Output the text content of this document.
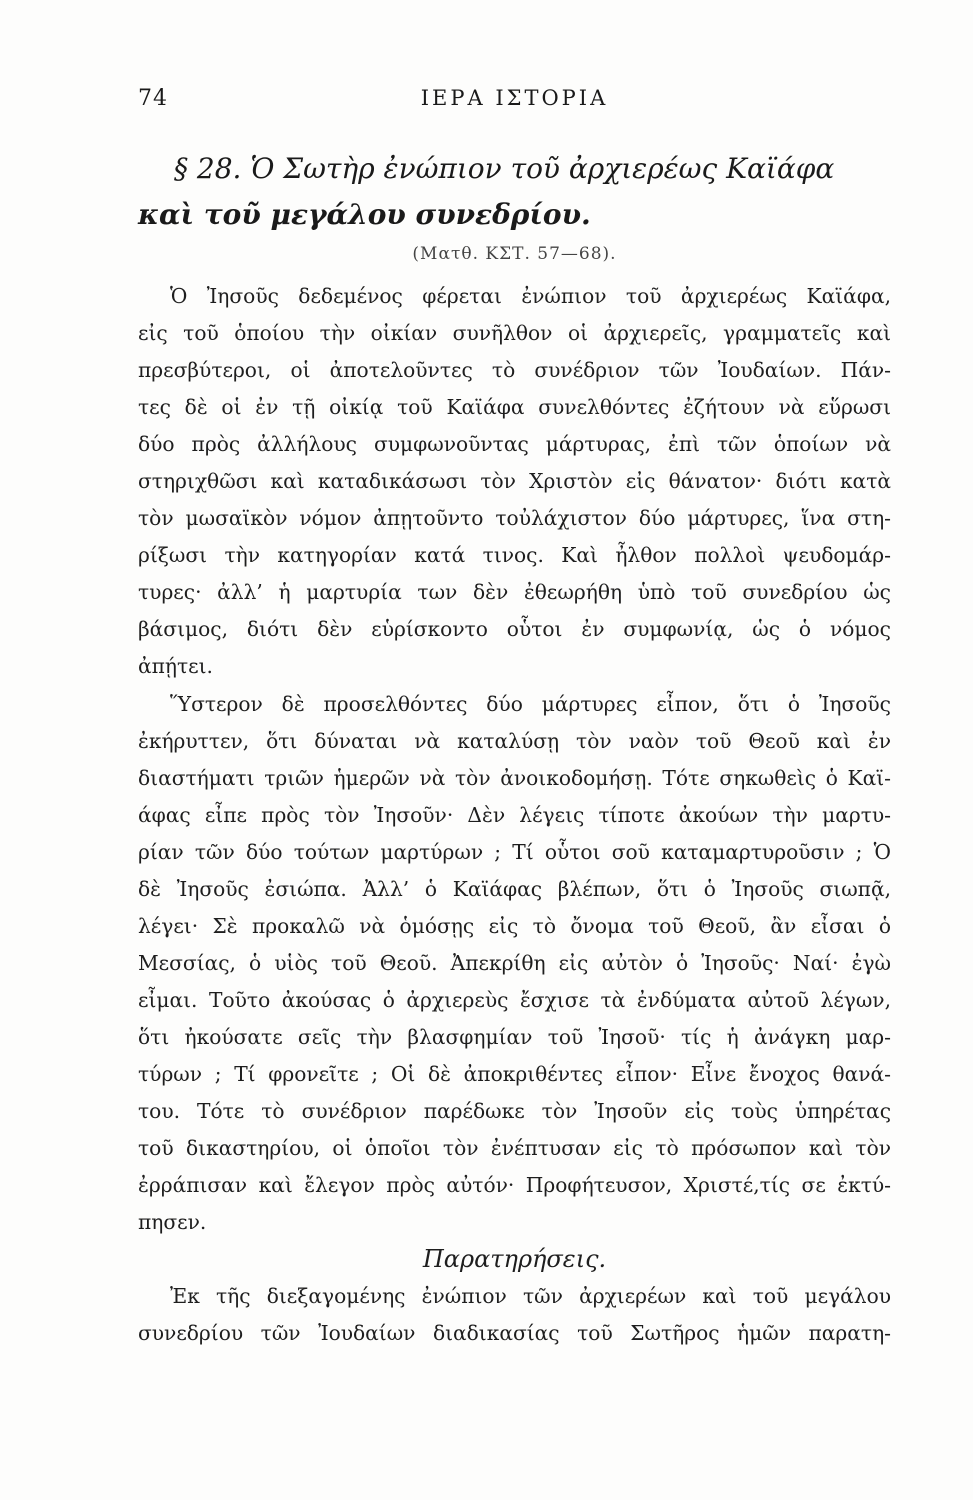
74	ΙΕΡΑ ΙΣΤΟΡΙΑ
§ 28. Ὁ Σωτὴρ ἐνώπιον τοῦ ἀρχιερέως Καϊάφα
καὶ τοῦ μεγάλου συνεδρίου.
(Ματθ. ΚΣΤ. 57—68).
Ὁ Ἰησοῦς δεδεμένος φέρεται ἐνώπιον τοῦ ἀρχιερέως Καϊάφα,
εἰς τοῦ ὁποίου τὴν οἰκίαν συνῆλθον οἱ ἀρχιερεῖς, γραμματεῖς καὶ
πρεσβύτεροι, οἱ ἀποτελοῦντες τὸ συνέδριον τῶν Ἰουδαίων. Πάν-
τες δὲ οἱ ἐν τῇ οἰκίᾳ τοῦ Καϊάφα συνελθόντες ἐζήτουν νὰ εὕρωσι
δύο πρὸς ἀλλήλους συμφωνοῦντας μάρτυρας, ἐπὶ τῶν ὁποίων νὰ
στηριχθῶσι καὶ καταδικάσωσι τὸν Χριστὸν εἰς θάνατον· διότι κατὰ
τὸν μωσαϊκὸν νόμον ἀπῃτοῦντο τοὐλάχιστον δύο μάρτυρες, ἵνα στη-
ρίξωσι τὴν κατηγορίαν κατά τινος. Καὶ ἦλθον πολλοὶ ψευδομάρ-
τυρες· ἀλλ’ ἡ μαρτυρία των δὲν ἐθεωρήθη ὑπὸ τοῦ συνεδρίου ὡς
βάσιμος, διότι δὲν εὑρίσκοντο οὗτοι ἐν συμφωνίᾳ, ὡς ὁ νόμος
ἀπῄτει.
Ὕστερον δὲ προσελθόντες δύο μάρτυρες εἶπον, ὅτι ὁ Ἰησοῦς
ἐκήρυττεν, ὅτι δύναται νὰ καταλύσῃ τὸν ναὸν τοῦ Θεοῦ καὶ ἐν
διαστήματι τριῶν ἡμερῶν νὰ τὸν ἀνοικοδομήσῃ. Τότε σηκωθεὶς ὁ Καϊ-
άφας εἶπε πρὸς τὸν Ἰησοῦν· Δὲν λέγεις τίποτε ἀκούων τὴν μαρτυ-
ρίαν τῶν δύο τούτων μαρτύρων ; Τί οὗτοι σοῦ καταμαρτυροῦσιν ; Ὁ
δὲ Ἰησοῦς ἐσιώπα. Ἀλλ’ ὁ Καϊάφας βλέπων, ὅτι ὁ Ἰησοῦς σιωπᾷ,
λέγει· Σὲ προκαλῶ νὰ ὁμόσῃς εἰς τὸ ὄνομα τοῦ Θεοῦ, ἂν εἶσαι ὁ
Μεσσίας, ὁ υἱὸς τοῦ Θεοῦ. Ἀπεκρίθη εἰς αὐτὸν ὁ Ἰησοῦς· Ναί· ἐγὼ
εἶμαι. Τοῦτο ἀκούσας ὁ ἀρχιερεὺς ἔσχισε τὰ ἐνδύματα αὐτοῦ λέγων,
ὅτι ἠκούσατε σεῖς τὴν βλασφημίαν τοῦ Ἰησοῦ· τίς ἡ ἀνάγκη μαρ-
τύρων ; Τί φρονεῖτε ; Οἱ δὲ ἀποκριθέντες εἶπον· Εἶνε ἔνοχος θανά-
του. Τότε τὸ συνέδριον παρέδωκε τὸν Ἰησοῦν εἰς τοὺς ὑπηρέτας
τοῦ δικαστηρίου, οἱ ὁποῖοι τὸν ἐνέπτυσαν εἰς τὸ πρόσωπον καὶ τὸν
ἐρράπισαν καὶ ἔλεγον πρὸς αὐτόν· Προφήτευσον, Χριστέ,τίς σε ἐκτύ-
πησεν.
Παρατηρήσεις.
Ἐκ τῆς διεξαγομένης ἐνώπιον τῶν ἀρχιερέων καὶ τοῦ μεγάλου
συνεδρίου τῶν Ἰουδαίων διαδικασίας τοῦ Σωτῆρος ἡμῶν παρατη-
